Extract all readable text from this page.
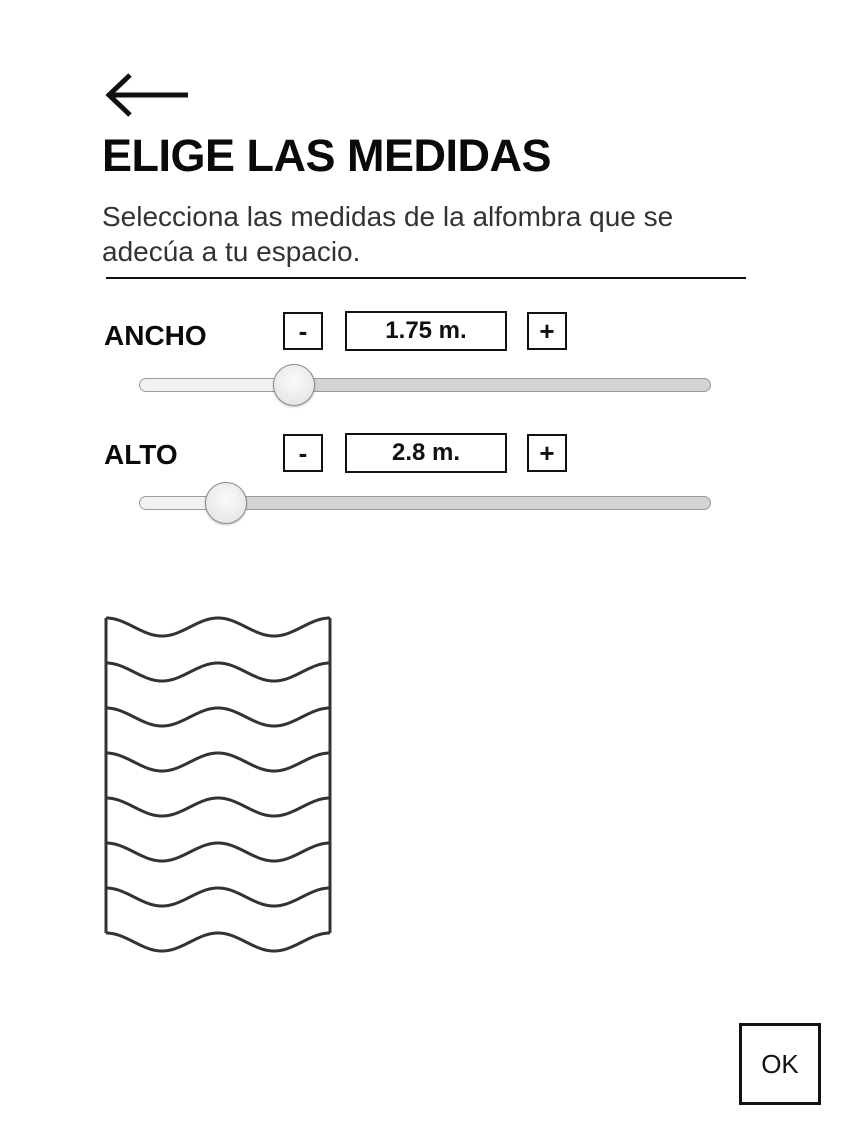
ELIGE LAS MEDIDAS

Selecciona las medidas de la alfombra que se adecúa a tu espacio.

ANCHO	-	1.75 m.	+
ALTO	-	2.8 m.	+
OK
